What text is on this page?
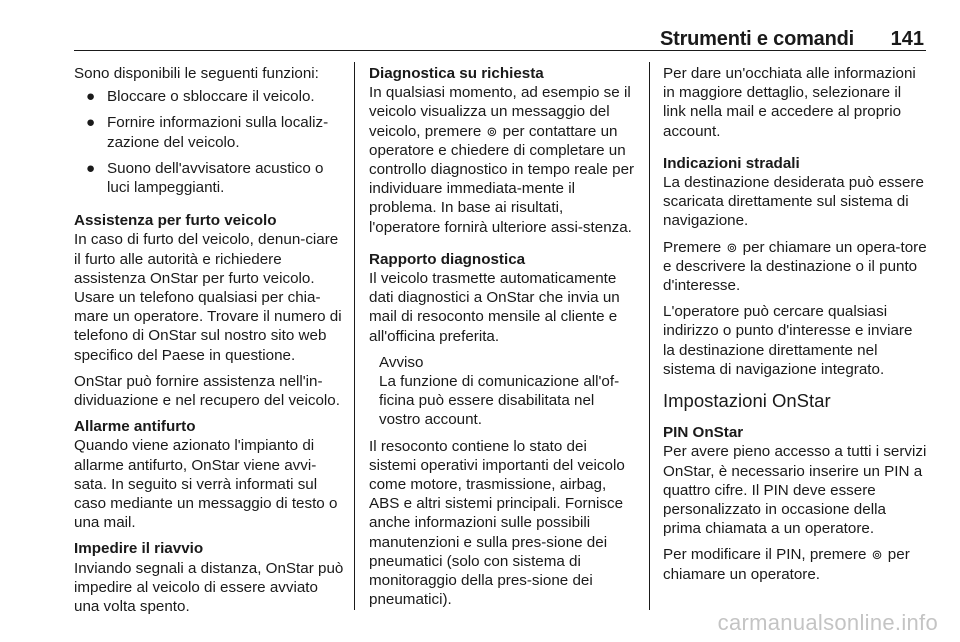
Strumenti e comandi 141

Sono disponibili le seguenti funzioni:

● Bloccare o sbloccare il veicolo.
● Fornire informazioni sulla localiz-zazione del veicolo.
● Suono dell'avvisatore acustico o luci lampeggianti.
Assistenza per furto veicolo

In caso di furto del veicolo, denun-ciare il furto alle autorità e richiedere assistenza OnStar per furto veicolo. Usare un telefono qualsiasi per chia-mare un operatore. Trovare il numero di telefono di OnStar sul nostro sito web specifico del Paese in questione.

OnStar può fornire assistenza nell'in-dividuazione e nel recupero del veicolo.

Allarme antifurto

Quando viene azionato l'impianto di allarme antifurto, OnStar viene avvi-sata. In seguito si verrà informati sul caso mediante un messaggio di testo o una mail.

Impedire il riavvio

Inviando segnali a distanza, OnStar può impedire al veicolo di essere avviato una volta spento.

Diagnostica su richiesta

In qualsiasi momento, ad esempio se il veicolo visualizza un messaggio del veicolo, premere ⊚ per contattare un operatore e chiedere di completare un controllo diagnostico in tempo reale per individuare immediata-mente il problema. In base ai risultati, l'operatore fornirà ulteriore assi-stenza.

Rapporto diagnostica

Il veicolo trasmette automaticamente dati diagnostici a OnStar che invia un mail di resoconto mensile al cliente e all'officina preferita.

Avviso
La funzione di comunicazione all'of-ficina può essere disabilitata nel vostro account.

Il resoconto contiene lo stato dei sistemi operativi importanti del veicolo come motore, trasmissione, airbag, ABS e altri sistemi principali. Fornisce anche informazioni sulle possibili manutenzioni e sulla pres-sione dei pneumatici (solo con sistema di monitoraggio della pres-sione dei pneumatici).

Per dare un'occhiata alle informazioni in maggiore dettaglio, selezionare il link nella mail e accedere al proprio account.

Indicazioni stradali

La destinazione desiderata può essere scaricata direttamente sul sistema di navigazione.

Premere ⊚ per chiamare un opera-tore e descrivere la destinazione o il punto d'interesse.

L'operatore può cercare qualsiasi indirizzo o punto d'interesse e inviare la destinazione direttamente nel sistema di navigazione integrato.

Impostazioni OnStar
PIN OnStar

Per avere pieno accesso a tutti i servizi OnStar, è necessario inserire un PIN a quattro cifre. Il PIN deve essere personalizzato in occasione della prima chiamata a un operatore.

Per modificare il PIN, premere ⊚ per chiamare un operatore.

carmanualsonline.info
